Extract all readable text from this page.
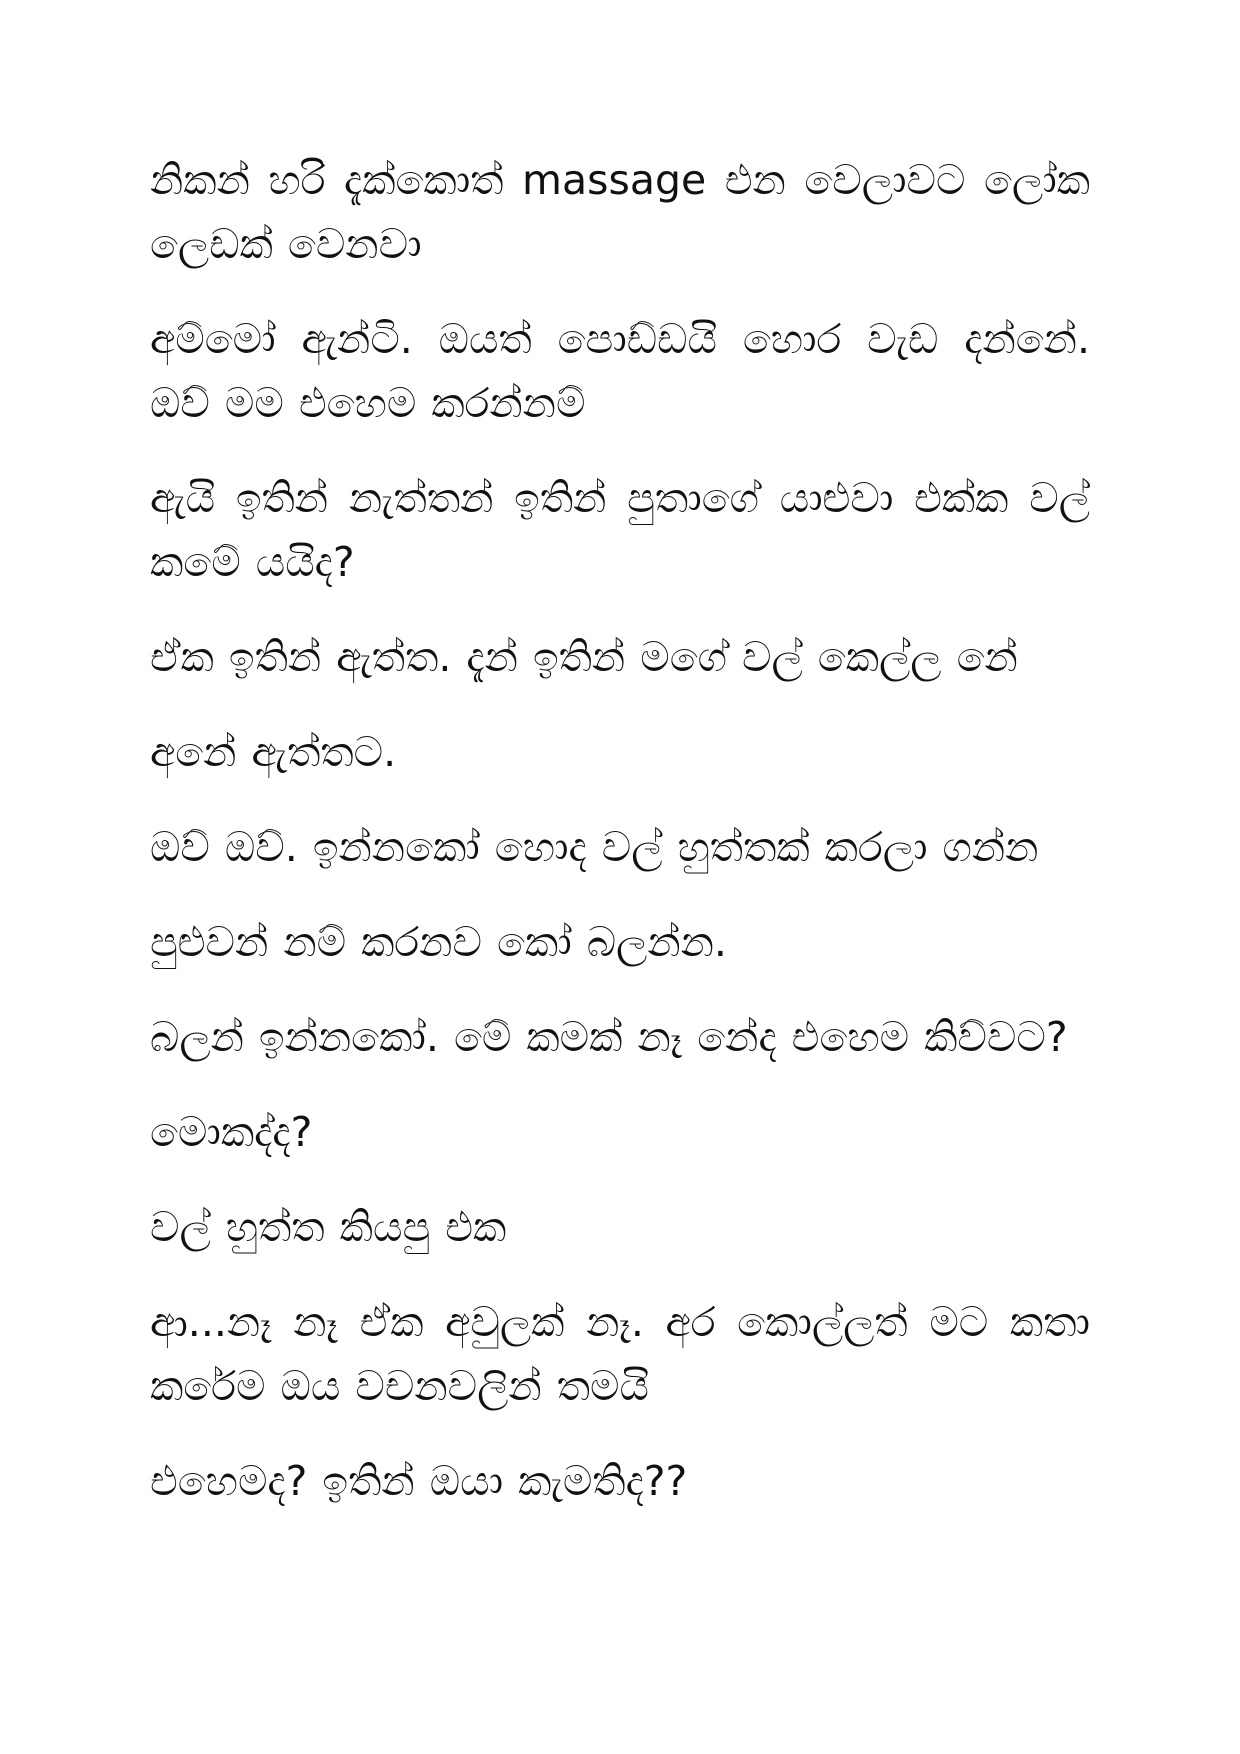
නිකන් හරි දැක්කොත් massage එන වෙලාවට ලෝක ලෙඩක් වෙනවා

අම්මෝ ඇන්ටි. ඔයත් පොඩ්ඩයි හොර වැඩ දන්නේ. ඔව් මම එහෙම කරන්නම්

ඇයි ඉතින් නැත්තන් ඉතින් පුතාගේ යාළුවා එක්ක වල් කමේ යයිද?

ඒක ඉතින් ඇත්ත. දැන් ඉතින් මගේ වල් කෙල්ල නේ

අනේ ඇත්තට.

ඔව් ඔව්. ඉන්නකෝ හොද වල් හුත්තක් කරලා ගන්න

පුළුවන් නම් කරනව කෝ බලන්න.

බලන් ඉන්නකෝ. මේ කමක් නෑ නේද එහෙම කිව්වට?

මොකද්ද?

වල් හුත්ත කියපු එක

ආ...නෑ නෑ ඒක අවුලක් නෑ. අර කොල්ලත් මට කතා කරේම ඔය වචනවලින් තමයි

එහෙමද? ඉතින් ඔයා කැමතිද??
